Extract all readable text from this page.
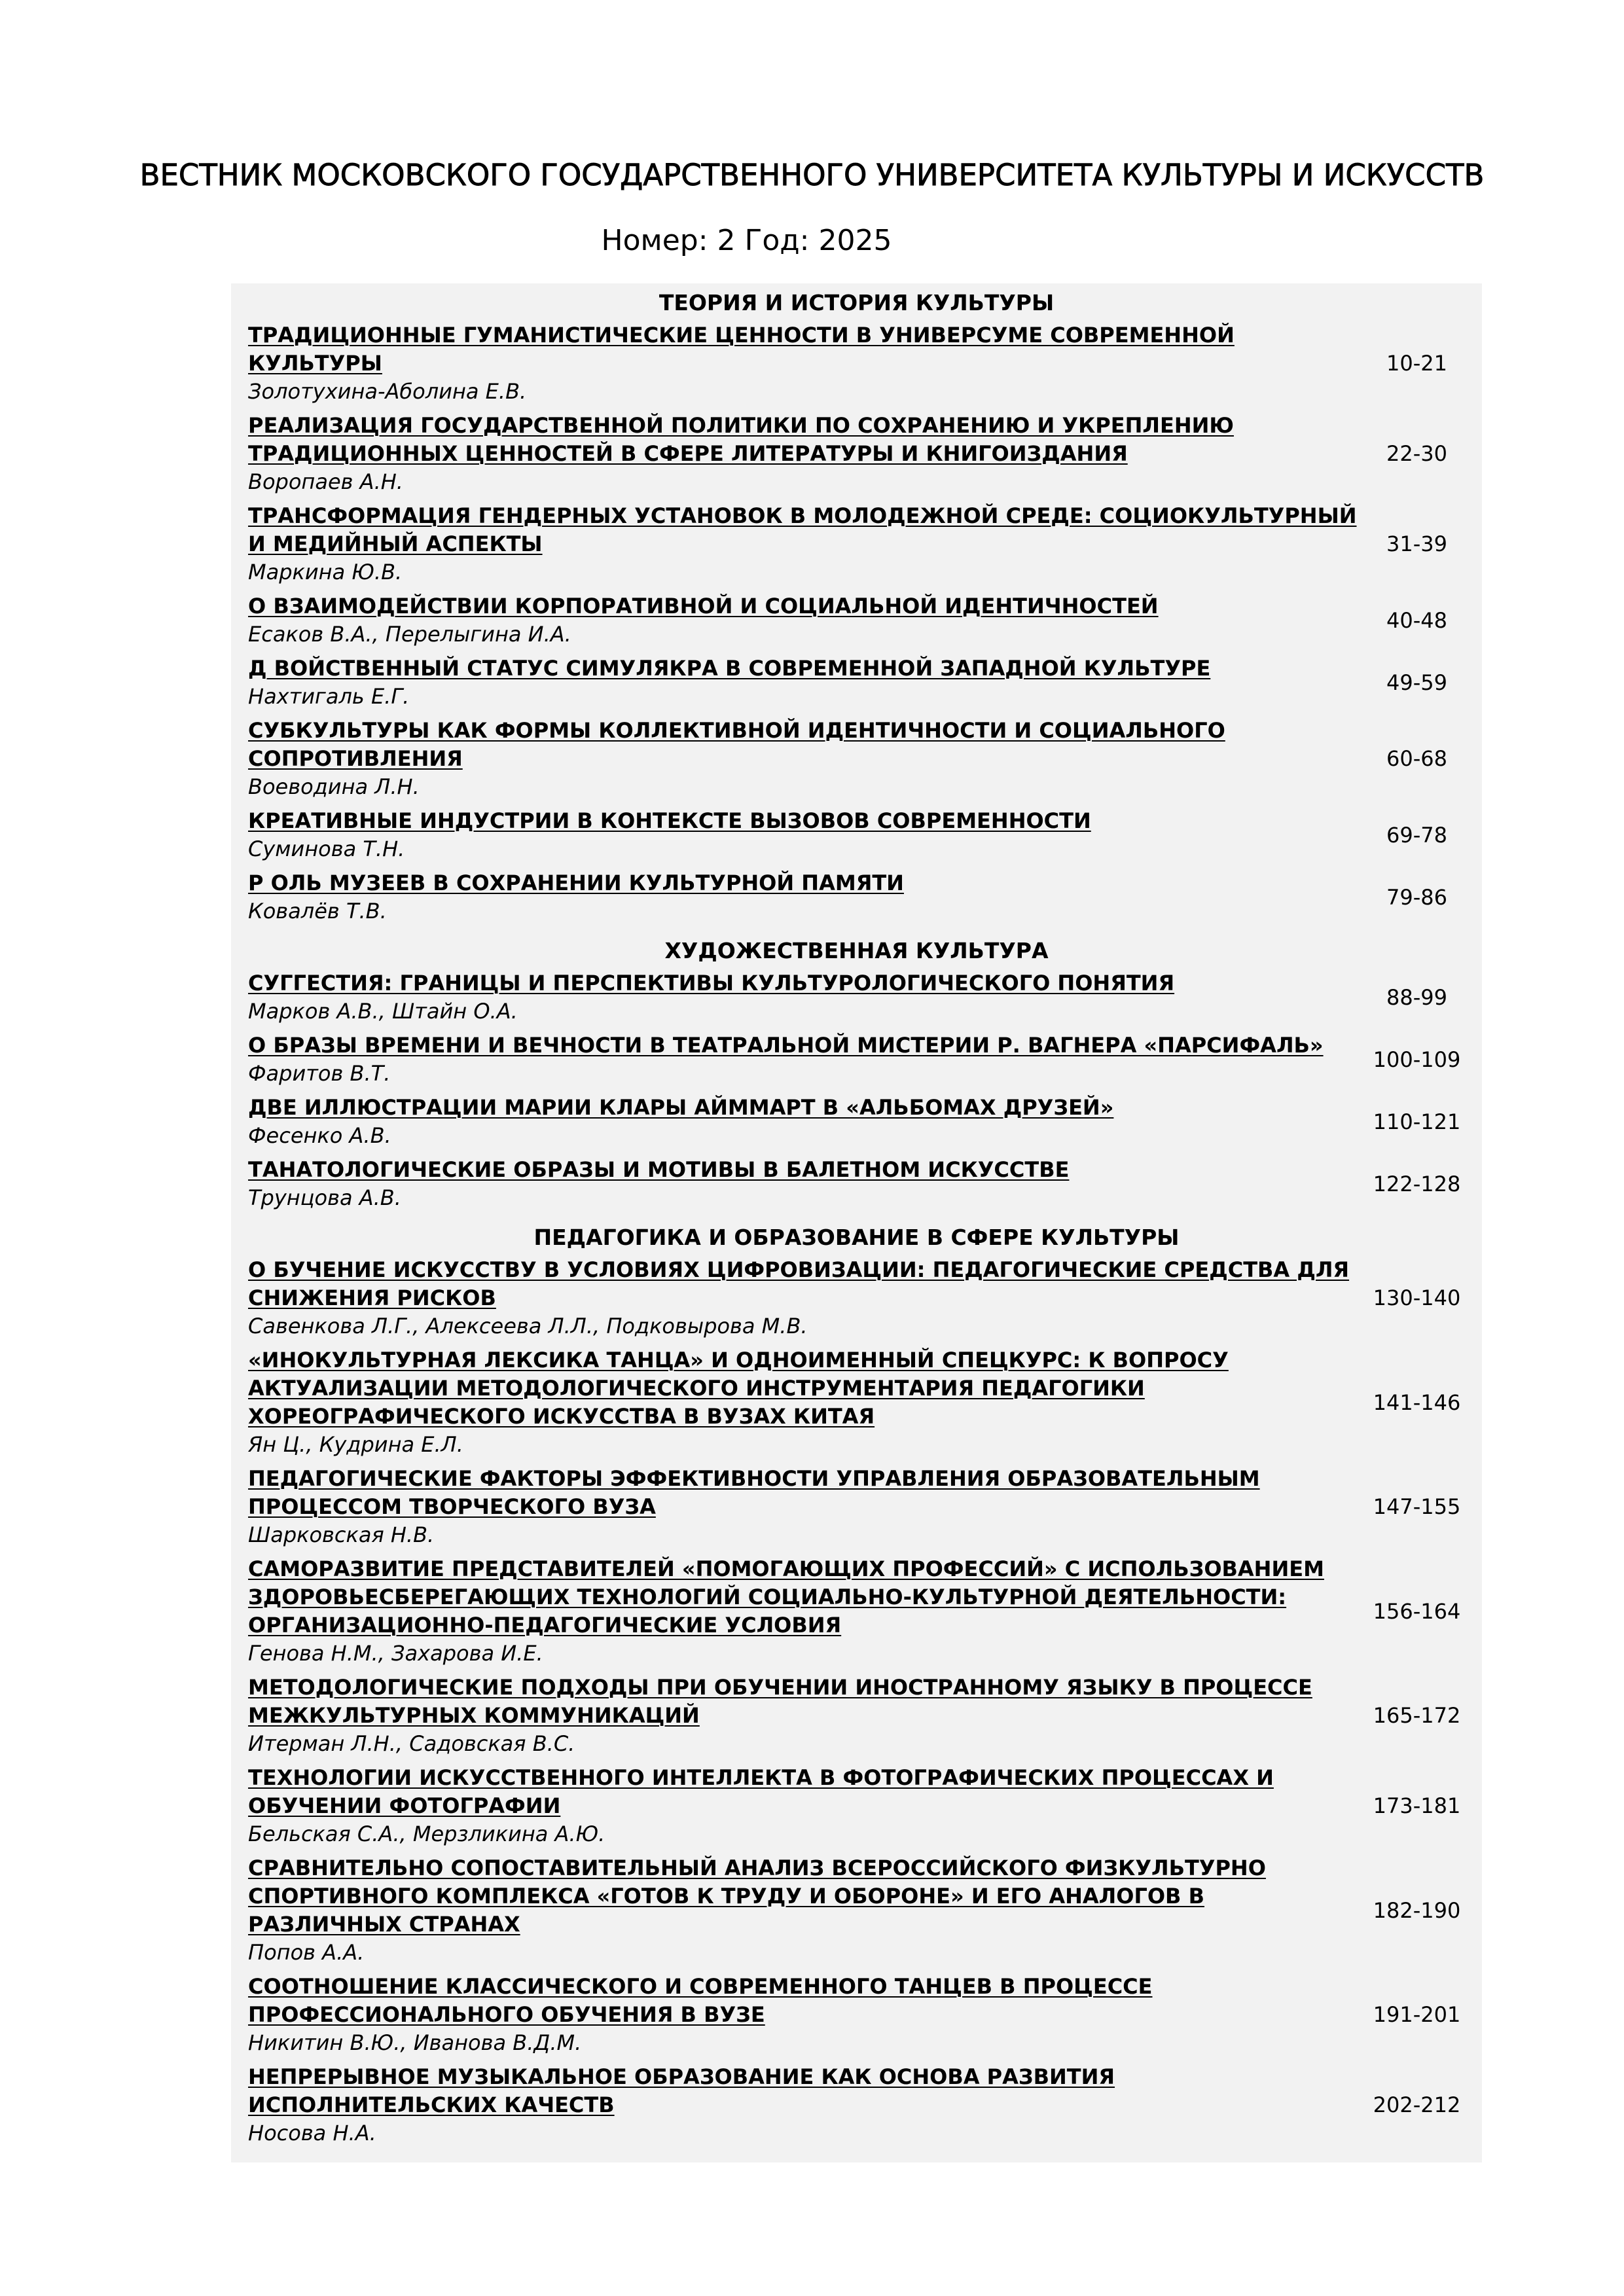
ВЕСТНИК МОСКОВСКОГО ГОСУДАРСТВЕННОГО УНИВЕРСИТЕТА КУЛЬТУРЫ И ИСКУССТВ
Номер: 2 Год: 2025
ТЕОРИЯ И ИСТОРИЯ КУЛЬТУРЫ
ТРАДИЦИОННЫЕ ГУМАНИСТИЧЕСКИЕ ЦЕННОСТИ В УНИВЕРСУМЕ СОВРЕМЕННОЙ КУЛЬТУРЫ
Золотухина-Аболина Е.В.
10-21
РЕАЛИЗАЦИЯ ГОСУДАРСТВЕННОЙ ПОЛИТИКИ ПО СОХРАНЕНИЮ И УКРЕПЛЕНИЮ ТРАДИЦИОННЫХ ЦЕННОСТЕЙ В СФЕРЕ ЛИТЕРАТУРЫ И КНИГОИЗДАНИЯ
Воропаев А.Н.
22-30
ТРАНСФОРМАЦИЯ ГЕНДЕРНЫХ УСТАНОВОК В МОЛОДЕЖНОЙ СРЕДЕ: СОЦИОКУЛЬТУРНЫЙ И МЕДИЙНЫЙ АСПЕКТЫ
Маркина Ю.В.
31-39
О ВЗАИМОДЕЙСТВИИ КОРПОРАТИВНОЙ И СОЦИАЛЬНОЙ ИДЕНТИЧНОСТЕЙ
Есаков В.А., Перелыгина И.А.
40-48
Д ВОЙСТВЕННЫЙ СТАТУС СИМУЛЯКРА В СОВРЕМЕННОЙ ЗАПАДНОЙ КУЛЬТУРЕ
Нахтигаль Е.Г.
49-59
СУБКУЛЬТУРЫ КАК ФОРМЫ КОЛЛЕКТИВНОЙ ИДЕНТИЧНОСТИ И СОЦИАЛЬНОГО СОПРОТИВЛЕНИЯ
Воеводина Л.Н.
60-68
КРЕАТИВНЫЕ ИНДУСТРИИ В КОНТЕКСТЕ ВЫЗОВОВ СОВРЕМЕННОСТИ
Суминова Т.Н.
69-78
Р ОЛЬ МУЗЕЕВ В СОХРАНЕНИИ КУЛЬТУРНОЙ ПАМЯТИ
Ковалёв Т.В.
79-86
ХУДОЖЕСТВЕННАЯ КУЛЬТУРА
СУГГЕСТИЯ: ГРАНИЦЫ И ПЕРСПЕКТИВЫ КУЛЬТУРОЛОГИЧЕСКОГО ПОНЯТИЯ
Марков А.В., Штайн О.А.
88-99
О БРАЗЫ ВРЕМЕНИ И ВЕЧНОСТИ В ТЕАТРАЛЬНОЙ МИСТЕРИИ Р. ВАГНЕРА «ПАРСИФАЛЬ»
Фаритов В.Т.
100-109
ДВЕ ИЛЛЮСТРАЦИИ МАРИИ КЛАРЫ АЙММАРТ В «АЛЬБОМАХ ДРУЗЕЙ»
Фесенко А.В.
110-121
ТАНАТОЛОГИЧЕСКИЕ ОБРАЗЫ И МОТИВЫ В БАЛЕТНОМ ИСКУССТВЕ
Трунцова А.В.
122-128
ПЕДАГОГИКА И ОБРАЗОВАНИЕ В СФЕРЕ КУЛЬТУРЫ
О БУЧЕНИЕ ИСКУССТВУ В УСЛОВИЯХ ЦИФРОВИЗАЦИИ: ПЕДАГОГИЧЕСКИЕ СРЕДСТВА ДЛЯ СНИЖЕНИЯ РИСКОВ
Савенкова Л.Г., Алексеева Л.Л., Подковырова М.В.
130-140
«ИНОКУЛЬТУРНАЯ ЛЕКСИКА ТАНЦА» И ОДНОИМЕННЫЙ СПЕЦКУРС: К ВОПРОСУ АКТУАЛИЗАЦИИ МЕТОДОЛОГИЧЕСКОГО ИНСТРУМЕНТАРИЯ ПЕДАГОГИКИ ХОРЕОГРАФИЧЕСКОГО ИСКУССТВА В ВУЗАХ КИТАЯ
Ян Ц., Кудрина Е.Л.
141-146
ПЕДАГОГИЧЕСКИЕ ФАКТОРЫ ЭФФЕКТИВНОСТИ УПРАВЛЕНИЯ ОБРАЗОВАТЕЛЬНЫМ ПРОЦЕССОМ ТВОРЧЕСКОГО ВУЗА
Шарковская Н.В.
147-155
САМОРАЗВИТИЕ ПРЕДСТАВИТЕЛЕЙ «ПОМОГАЮЩИХ ПРОФЕССИЙ» С ИСПОЛЬЗОВАНИЕМ ЗДОРОВЬЕСБЕРЕГАЮЩИХ ТЕХНОЛОГИЙ СОЦИАЛЬНО-КУЛЬТУРНОЙ ДЕЯТЕЛЬНОСТИ: ОРГАНИЗАЦИОННО-ПЕДАГОГИЧЕСКИЕ УСЛОВИЯ
Генова Н.М., Захарова И.Е.
156-164
МЕТОДОЛОГИЧЕСКИЕ ПОДХОДЫ ПРИ ОБУЧЕНИИ ИНОСТРАННОМУ ЯЗЫКУ В ПРОЦЕССЕ МЕЖКУЛЬТУРНЫХ КОММУНИКАЦИЙ
Итерман Л.Н., Садовская В.С.
165-172
ТЕХНОЛОГИИ ИСКУССТВЕННОГО ИНТЕЛЛЕКТА В ФОТОГРАФИЧЕСКИХ ПРОЦЕССАХ И ОБУЧЕНИИ ФОТОГРАФИИ
Бельская С.А., Мерзликина А.Ю.
173-181
СРАВНИТЕЛЬНО СОПОСТАВИТЕЛЬНЫЙ АНАЛИЗ ВСЕРОССИЙСКОГО ФИЗКУЛЬТУРНО СПОРТИВНОГО КОМПЛЕКСА «ГОТОВ К ТРУДУ И ОБОРОНЕ» И ЕГО АНАЛОГОВ В РАЗЛИЧНЫХ СТРАНАХ
Попов А.А.
182-190
СООТНОШЕНИЕ КЛАССИЧЕСКОГО И СОВРЕМЕННОГО ТАНЦЕВ В ПРОЦЕССЕ ПРОФЕССИОНАЛЬНОГО ОБУЧЕНИЯ В ВУЗЕ
Никитин В.Ю., Иванова В.Д.М.
191-201
НЕПРЕРЫВНОЕ МУЗЫКАЛЬНОЕ ОБРАЗОВАНИЕ КАК ОСНОВА РАЗВИТИЯ ИСПОЛНИТЕЛЬСКИХ КАЧЕСТВ
Носова Н.А.
202-212
